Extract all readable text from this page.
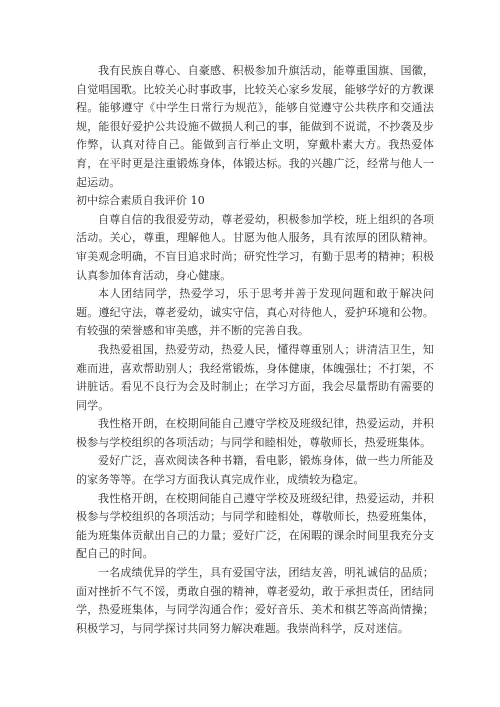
我有民族自尊心、自豪感、积极参加升旗活动，能尊重国旗、国徽，自觉唱国歌。比较关心时事政事，比较关心家乡发展，能够学好的方教课程。能够遵守《中学生日常行为规范》，能够自觉遵守公共秩序和交通法规，能很好爱护公共设施不做损人利己的事，能做到不说谎，不抄袭及步作弊，认真对待自己。能做到言行举止文明，穿戴朴素大方。我热爱体育，在平时更是注重锻炼身体，体锻达标。我的兴趣广泛，经常与他人一起运动。

初中综合素质自我评价 10

自尊自信的我很爱劳动，尊老爱幼，积极参加学校，班上组织的各项活动。关心，尊重，理解他人。甘愿为他人服务，具有浓厚的团队精神。审美观念明确，不盲目追求时尚；研究性学习，有勤于思考的精神；积极认真参加体育活动，身心健康。

本人团结同学，热爱学习，乐于思考并善于发现问题和敢于解决问题。遵纪守法，尊老爱幼，诚实守信，真心对待他人，爱护环境和公物。有较强的荣誉感和审美感，并不断的完善自我。

我热爱祖国，热爱劳动，热爱人民，懂得尊重别人；讲清洁卫生，知难而进，喜欢帮助别人；我经常锻炼，身体健康，体魄强壮；不打架，不讲脏话。看见不良行为会及时制止；在学习方面，我会尽量帮助有需要的同学。

我性格开朗，在校期间能自己遵守学校及班级纪律，热爱运动，并积极参与学校组织的各项活动；与同学和睦相处，尊敬师长，热爱班集体。

爱好广泛，喜欢阅读各种书籍，看电影，锻炼身体，做一些力所能及的家务等等。在学习方面我认真完成作业，成绩较为稳定。

我性格开朗，在校期间能自己遵守学校及班级纪律，热爱运动，并积极参与学校组织的各项活动；与同学和睦相处，尊敬师长，热爱班集体，能为班集体贡献出自己的力量；爱好广泛，在闲暇的课余时间里我充分支配自己的时间。

一名成绩优异的学生，具有爱国守法，团结友善，明礼诚信的品质；面对挫折不气不馁，勇敢自强的精神，尊老爱幼，敢于承担责任，团结同学，热爱班集体，与同学沟通合作；爱好音乐、美术和棋艺等高尚情操；积极学习，与同学探讨共同努力解决难题。我崇尚科学，反对迷信。
